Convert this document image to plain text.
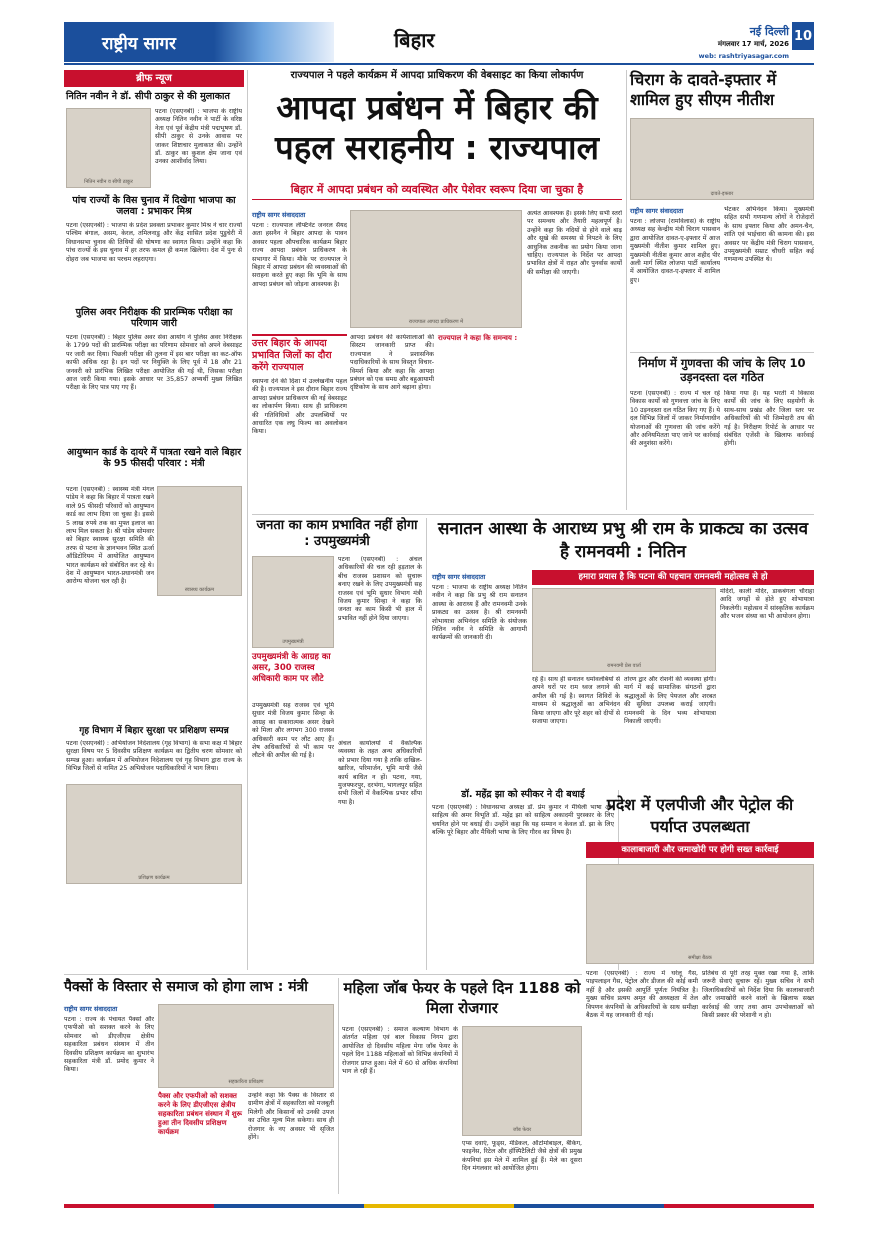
राष्ट्रीय सागर	बिहार	नई दिल्ली
मंगलवार 17 मार्च, 2026
web: rashtriyasagar.com
10
ब्रीफ न्यूज
नितिन नवीन ने डॉ. सीपी ठाकुर से की मुलाकात
नितिन नवीन व सीपी ठाकुर
पटना (एसएनबी) : भाजपा के राष्ट्रीय अध्यक्ष नितिन नवीन ने पार्टी के वरिष्ठ नेता एवं पूर्व केंद्रीय मंत्री पद्मभूषण डॉ. सीपी ठाकुर से उनके आवास पर जाकर शिष्टाचार मुलाकात की। उन्होंने डॉ. ठाकुर का कुशल क्षेम जाना एवं उनका आशीर्वाद लिया।
पांच राज्यों के विस चुनाव में दिखेगा भाजपा का जलवा : प्रभाकर मिश्र
पटना (एसएनबी) : भाजपा के प्रदेश प्रवक्ता प्रभाकर कुमार मिश्र ने चार राज्यों पश्चिम बंगाल, असम, केरल, तमिलनाडु और केंद्र शासित प्रदेश पुडुचेरी में विधानसभा चुनाव की तिथियों की घोषणा का स्वागत किया। उन्होंने कहा कि पांच राज्यों के इस चुनाव में हर तरफ कमल ही कमल खिलेगा। देश में पुनः से दोहरा जब भाजपा का परचम लहराएगा।
पुलिस अवर निरीक्षक की प्रारम्भिक परीक्षा का परिणाम जारी
पटना (एसएनबी) : बिहार पुलिस अवर सेवा आयोग ने पुलिस अवर निरीक्षक के 1799 पदों की प्रारम्भिक परीक्षा का परिणाम सोमवार को अपने वेबसाइट पर जारी कर दिया। पिछली परीक्षा की तुलना में इस बार परीक्षा का कट-ऑफ काफी अधिक रहा है। इन पदों पर नियुक्ति के लिए पूर्व में 18 और 21 जनवरी को प्रारंभिक लिखित परीक्षा आयोजित की गई थी, जिसका परीक्षा आज जारी किया गया। इसके आधार पर 35,857 अभ्यर्थी मुख्य लिखित परीक्षा के लिए पात्र पाए गए हैं।
आयुष्मान कार्ड के दायरे में पात्रता रखने वाले बिहार के 95 फीसदी परिवार : मंत्री
पटना (एसएनबी) : स्वास्थ्य मंत्री मंगल पांडेय ने कहा कि बिहार में पात्रता रखने वाले 95 फीसदी परिवारों को आयुष्मान कार्ड का लाभ दिया जा चुका है। इससे 5 लाख रुपये तक का मुफ्त इलाज का लाभ मिल सकता है। श्री पांडेय सोमवार को बिहार स्वास्थ्य सुरक्षा समिति की तरफ से पटना के ज्ञानभवन स्थित ऊर्जा ऑडिटोरियम में आयोजित आयुष्मान भारत कार्यक्रम को संबोधित कर रहे थे। देश में आयुष्मान भारत-प्रधानमंत्री जन आरोग्य योजना चल रही है।
स्वास्थ्य कार्यक्रम
गृह विभाग में बिहार सुरक्षा पर प्रशिक्षण सम्पन्न
पटना (एसएनबी) : अभियोजन निदेशालय (गृह विभाग) के सभा कक्ष में बिहार सुरक्षा विषय पर 5 दिवसीय प्रशिक्षण कार्यक्रम का द्वितीय चरण सोमवार को सम्पन्न हुआ। कार्यक्रम में अभियोजन निदेशालय एवं गृह विभाग द्वारा राज्य के विभिन्न जिलों से नामित 25 अभियोजन पदाधिकारियों ने भाग लिया।
प्रशिक्षण कार्यक्रम
राज्यपाल ने पहले कार्यक्रम में आपदा प्राधिकरण की वेबसाइट का किया लोकार्पण
आपदा प्रबंधन में बिहार की पहल सराहनीय : राज्यपाल
बिहार में आपदा प्रबंधन को व्यवस्थित और पेशेवर स्वरूप दिया जा चुका है
राष्ट्रीय सागर संवाददाता
पटना : राज्यपाल लेफ्टिनेंट जनरल सैयद अता हसनैन ने बिहार आपदा के पावन अवसर पहला औपचारिक कार्यक्रम बिहार राज्य आपदा प्रबंधन प्राधिकरण के सभागार में किया। मौके पर राज्यपाल ने बिहार में आपदा प्रबंधन की व्यवस्थाओं की सराहना करते हुए कहा कि भूमि के साथ आपदा प्रबंधन को जोड़ना आवश्यक है।
राज्यपाल आपदा प्राधिकरण में
उत्तर बिहार के आपदा प्रभावित जिलों का दौरा करेंगे राज्यपाल
स्थापना देने की दिशा में उल्लेखनीय पहल की है। राज्यपाल ने इस दौरान बिहार राज्य आपदा प्रबंधन प्राधिकरण की नई वेबसाइट का लोकार्पण किया। साथ ही प्राधिकरण की गतिविधियों और उपलब्धियों पर आधारित एक लघु फिल्म का अवलोकन किया।
आपदा प्रबंधन की कार्यशालाओं की सिस्टम जानकारी प्राप्त की। राज्यपाल ने प्रशासनिक पदाधिकारियों के साथ विस्तृत विचार-विमर्श किया और कहा कि आपदा प्रबंधन को एक समग्र और बहुआयामी दृष्टिकोण के साथ आगे बढ़ाना होगा।
राज्यपाल ने कहा कि समन्वय :
अत्यंत आवश्यक है। इसके लिए सभी स्तरों पर समन्वय और तैयारी महत्वपूर्ण है। उन्होंने कहा कि नदियों से होने वाले बाढ़ और सूखे की समस्या से निपटने के लिए आधुनिक तकनीक का प्रयोग किया जाना चाहिए। राज्यपाल के निर्देश पर आपदा प्रभावित क्षेत्रों में राहत और पुनर्वास कार्यों की समीक्षा की जाएगी।
चिराग के दावते-इफ्तार में शामिल हुए सीएम नीतीश
दावते-इफ्तार
राष्ट्रीय सागर संवाददाता
पटना : लोजपा (रामविलास) के राष्ट्रीय अध्यक्ष सह केन्द्रीय मंत्री चिराग पासवान द्वारा आयोजित दावत-ए-इफ्तार में आज मुख्यमंत्री नीतीश कुमार शामिल हुए। मुख्यमंत्री नीतीश कुमार आज शहीद पीर अली मार्ग स्थित लोजपा पार्टी कार्यालय में आयोजित दावत-ए-इफ्तार में शामिल हुए।
भेंटकर अभिनंदन किया। मुख्यमंत्री सहित सभी गणमान्य लोगों ने रोजेदारों के साथ इफ्तार किया और अमन-चैन, शांति एवं भाईचारा की कामना की। इस अवसर पर केंद्रीय मंत्री चिराग पासवान, उपमुख्यमंत्री सम्राट चौधरी सहित कई गणमान्य उपस्थित थे।
निर्माण में गुणवत्ता की जांच के लिए 10 उड़नदस्ता दल गठित
पटना (एसएनबी) : राज्य में चल रहे विकास कार्यों को गुणवत्ता जांच के लिए 10 उड़नदस्ता दल गठित किए गए हैं। ये दल विभिन्न जिलों में जाकर निर्माणाधीन योजनाओं की गुणवत्ता की जांच करेंगे और अनियमितता पाए जाने पर कार्रवाई की अनुशंसा करेंगे।
किया गया है। यह भरती में विकास कार्यों की जांच के लिए सहयोगी के साथ-साथ प्रखंड और जिला स्तर पर अधिकारियों की भी जिम्मेदारी तय की गई है। निरीक्षण रिपोर्ट के आधार पर संबंधित एजेंसी के खिलाफ कार्रवाई होगी।
जनता का काम प्रभावित नहीं होगा : उपमुख्यमंत्री
उपमुख्यमंत्री
उपमुख्यमंत्री के आग्रह का असर, 300 राजस्व अधिकारी काम पर लौटे
उपमुख्यमंत्री सह राजस्व एवं भूमि सुधार मंत्री विजय कुमार सिन्हा के आग्रह का सकारात्मक असर देखने को मिला और लगभग 300 राजस्व अधिकारी काम पर लौट आए हैं। शेष अधिकारियों से भी काम पर लौटने की अपील की गई है।
पटना (एसएनबी) : अंचल अधिकारियों की चल रही हड़ताल के बीच राजस्व प्रशासन को सुचारू बनाए रखने के लिए उपमुख्यमंत्री सह राजस्व एवं भूमि सुधार विभाग मंत्री विजय कुमार सिन्हा ने कहा कि जनता का काम किसी भी हाल में प्रभावित नहीं होने दिया जाएगा।
अंचल कार्यालयों में वैकल्पिक व्यवस्था के तहत अन्य अधिकारियों को प्रभार दिया गया है ताकि दाखिल-खारिज, परिमार्जन, भूमि मापी जैसे कार्य बाधित न हों। पटना, गया, मुजफ्फरपुर, दरभंगा, भागलपुर सहित सभी जिलों में वैकल्पिक प्रभार सौंपा गया है।
सनातन आस्था के आराध्य प्रभु श्री राम के प्राकट्य का उत्सव है रामनवमी : नितिन
राष्ट्रीय सागर संवाददाता	हमारा प्रयास है कि पटना की पहचान रामनवमी महोत्सव से हो
पटना : भाजपा के राष्ट्रीय अध्यक्ष नितिन नवीन ने कहा कि प्रभु श्री राम सनातन आस्था के आराध्य हैं और रामनवमी उनके प्राकट्य का उत्सव है। श्री रामनवमी शोभायात्रा अभिनंदन समिति के संयोजक नितिन नवीन ने समिति के आगामी कार्यक्रमों की जानकारी दी।
रामनवमी प्रेस वार्ता
रहे हैं। साथ ही सनातन धर्मावलंबियों से अपने घरों पर राम ध्वज लगाने की अपील की गई है। स्वागत शिविरों के माध्यम से श्रद्धालुओं का अभिनंदन किया जाएगा और पूरे शहर को दीपों से सजाया जाएगा।
तोरण द्वार और रोशनी की व्यवस्था होगी। मार्ग में कई सामाजिक संगठनों द्वारा श्रद्धालुओं के लिए पेयजल और शरबत की सुविधा उपलब्ध कराई जाएगी। रामनवमी के दिन भव्य शोभायात्रा निकाली जाएगी।
मंदिरों, काली मंदिर, डाकबंगला चौराहा आदि जगहों से होते हुए शोभायात्रा निकलेगी। महोत्सव में सांस्कृतिक कार्यक्रम और भजन संध्या का भी आयोजन होगा।
डॉ. महेंद्र झा को स्पीकर ने दी बधाई
पटना (एसएनबी) : विधानसभा अध्यक्ष डॉ. प्रेम कुमार ने मैथिली भाषा और साहित्य की अमर विभूति डॉ. महेंद्र झा को साहित्य अकादमी पुरस्कार के लिए चयनित होने पर बधाई दी। उन्होंने कहा कि यह सम्मान न केवल डॉ. झा के लिए बल्कि पूरे बिहार और मैथिली भाषा के लिए गौरव का विषय है।
प्रदेश में एलपीजी और पेट्रोल की पर्याप्त उपलब्धता
कालाबाजारी और जमाखोरी पर होगी सख्त कार्रवाई
समीक्षा बैठक
पटना (एसएनबी) : राज्य में घरेलू गैस, पाइपलाइन गैस, पेट्रोल और डीजल की कोई कमी नहीं है और इसकी आपूर्ति पूर्णतः नियंत्रित है। मुख्य सचिव प्रत्यय अमृत की अध्यक्षता में तेल विपणन कंपनियों के अधिकारियों के साथ समीक्षा बैठक में यह जानकारी दी गई।
प्रतिबंध से पूरी तरह मुक्त रखा गया है, ताकि जरूरी सेवाएं सुचारू रहें। मुख्य सचिव ने सभी जिलाधिकारियों को निर्देश दिया कि कालाबाजारी और जमाखोरी करने वालों के खिलाफ सख्त कार्रवाई की जाए तथा आम उपभोक्ताओं को किसी प्रकार की परेशानी न हो।
पैक्सों के विस्तार से समाज को होगा लाभ : मंत्री
राष्ट्रीय सागर संवाददाता
पटना : राज्य के पंचायत पैक्सों और एफपीओ को सशक्त करने के लिए सोमवार को डीएजीएस क्षेत्रीय सहकारिता प्रबंधन संस्थान में तीन दिवसीय प्रशिक्षण कार्यक्रम का शुभारंभ सहकारिता मंत्री डॉ. प्रमोद कुमार ने किया।
सहकारिता प्रशिक्षण
पैक्स और एफपीओ को सशक्त करने के लिए डीएजीएस क्षेत्रीय सहकारिता प्रबंधन संस्थान में शुरू हुआ तीन दिवसीय प्रशिक्षण कार्यक्रम
उन्होंने कहा कि पैक्स के विस्तार से ग्रामीण क्षेत्रों में सहकारिता को मजबूती मिलेगी और किसानों को उनकी उपज का उचित मूल्य मिल सकेगा। साथ ही रोजगार के नए अवसर भी सृजित होंगे।
महिला जॉब फेयर के पहले दिन 1188 को मिला रोजगार
पटना (एसएनबी) : समाज कल्याण विभाग के अंतर्गत महिला एवं बाल विकास निगम द्वारा आयोजित दो दिवसीय महिला मेगा जॉब फेयर के पहले दिन 1188 महिलाओं को विभिन्न कंपनियों में रोजगार प्राप्त हुआ। मेले में 60 से अधिक कंपनियां भाग ले रही हैं।
जॉब फेयर
एप्स दवाएं, फूड्स, मेडिकल, ऑटोमोबाइल, बैंकिंग, फाइनेंस, रिटेल और हॉस्पिटैलिटी जैसे क्षेत्रों की प्रमुख कंपनियां इस मेले में शामिल हुई हैं। मेले का दूसरा दिन मंगलवार को आयोजित होगा।
